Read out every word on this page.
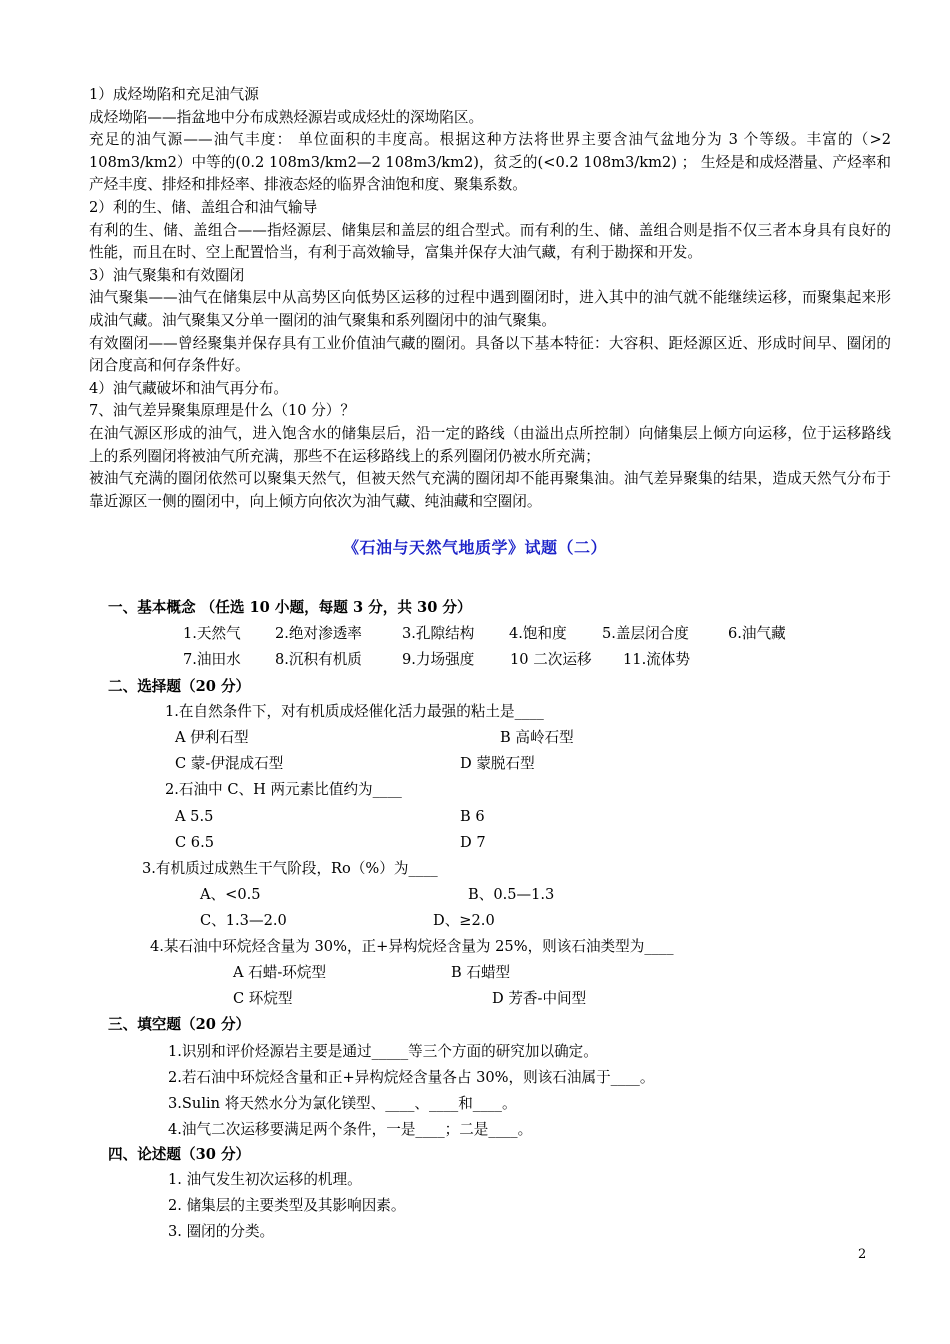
1）成烃坳陷和充足油气源

成烃坳陷——指盆地中分布成熟烃源岩或成烃灶的深坳陷区。

充足的油气源——油气丰度： 单位面积的丰度高。根据这种方法将世界主要含油气盆地分为 3 个等级。丰富的（>2 108m3/km2）中等的(0.2 108m3/km2—2 108m3/km2)，贫乏的(<0.2 108m3/km2) ； 生烃是和成烃潜量、产烃率和产烃丰度、排烃和排烃率、排液态烃的临界含油饱和度、聚集系数。

2）利的生、储、盖组合和油气输导

有利的生、储、盖组合——指烃源层、储集层和盖层的组合型式。而有利的生、储、盖组合则是指不仅三者本身具有良好的性能，而且在时、空上配置恰当，有利于高效输导，富集并保存大油气藏，有利于勘探和开发。

3）油气聚集和有效圈闭

油气聚集——油气在储集层中从高势区向低势区运移的过程中遇到圈闭时，进入其中的油气就不能继续运移，而聚集起来形成油气藏。油气聚集又分单一圈闭的油气聚集和系列圈闭中的油气聚集。

有效圈闭——曾经聚集并保存具有工业价值油气藏的圈闭。具备以下基本特征：大容积、距烃源区近、形成时间早、圈闭的闭合度高和何存条件好。

4）油气藏破坏和油气再分布。

7、油气差异聚集原理是什么（10 分）？

在油气源区形成的油气，进入饱含水的储集层后，沿一定的路线（由溢出点所控制）向储集层上倾方向运移，位于运移路线上的系列圈闭将被油气所充满，那些不在运移路线上的系列圈闭仍被水所充满；

被油气充满的圈闭依然可以聚集天然气，但被天然气充满的圈闭却不能再聚集油。油气差异聚集的结果，造成天然气分布于靠近源区一侧的圈闭中，向上倾方向依次为油气藏、纯油藏和空圈闭。

《石油与天然气地质学》试题（二）
一、基本概念 （任选 10 小题，每题 3 分，共 30 分）
1.天然气 2.绝对渗透率	3.孔隙结构 4.饱和度 5.盖层闭合度	6.油气藏
7.油田水 8.沉积有机质	9.力场强度 10 二次运移 11.流体势
二、选择题（20 分）
1.在自然条件下，对有机质成烃催化活力最强的粘土是____
A 伊利石型	B 高岭石型
C 蒙-伊混成石型	D 蒙脱石型
2.石油中 C、H 两元素比值约为____
A 5.5	B 6
C 6.5	D 7
3.有机质过成熟生干气阶段，Ro（%）为____
A、<0.5	B、0.5—1.3
C、1.3—2.0	D、≥2.0
4.某石油中环烷烃含量为 30%，正+异构烷烃含量为 25%，则该石油类型为____
A 石蜡-环烷型	B 石蜡型
C 环烷型	D 芳香-中间型
三、填空题（20 分）
1.识别和评价烃源岩主要是通过_____等三个方面的研究加以确定。
2.若石油中环烷烃含量和正+异构烷烃含量各占 30%，则该石油属于____。
3.Sulin 将天然水分为氯化镁型、____、____和____。
4.油气二次运移要满足两个条件，一是____；二是____。
四、论述题（30 分）
1. 油气发生初次运移的机理。
2. 储集层的主要类型及其影响因素。
3. 圈闭的分类。
2
